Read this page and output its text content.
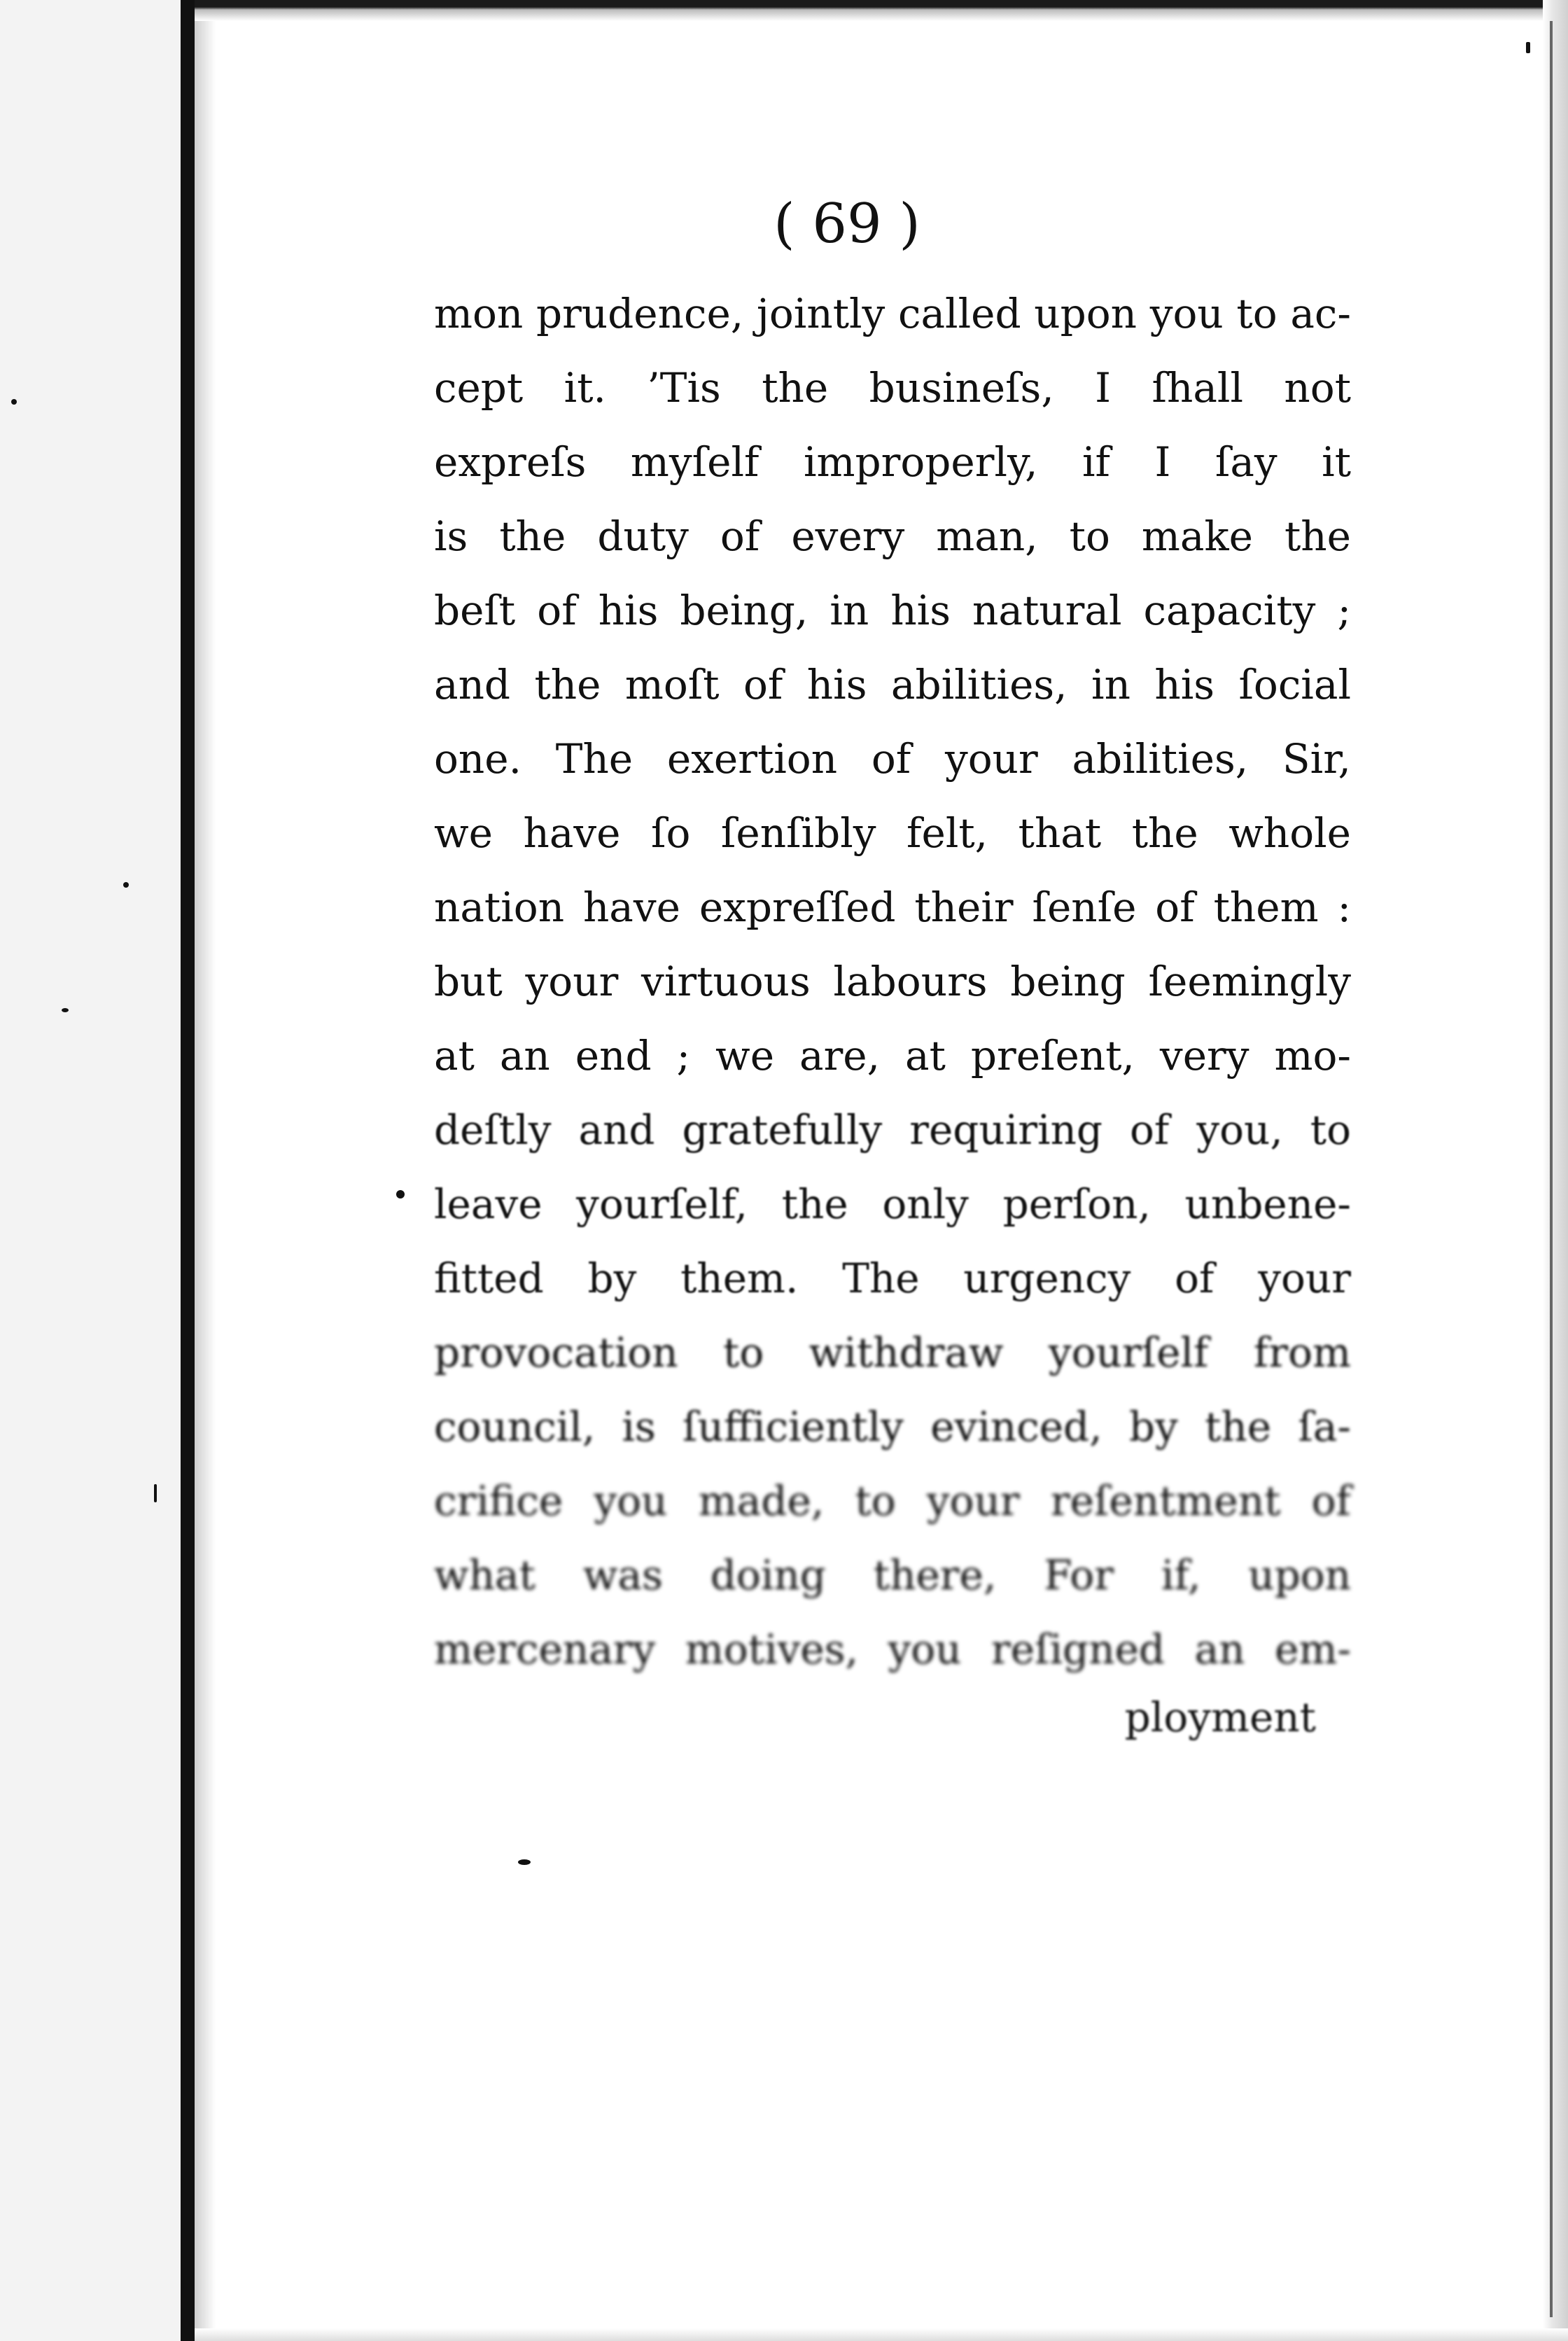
( 69 )
mon prudence, jointly called upon you to ac-
cept it. ’Tis the busineſs, I ſhall not
expreſs myſelf improperly, if I ſay it
is the duty of every man, to make the
beſt of his being, in his natural capacity ;
and the moſt of his abilities, in his ſocial
one. The exertion of your abilities, Sir,
we have ſo ſenſibly felt, that the whole
nation have expreſſed their ſenſe of them :
but your virtuous labours being ſeemingly
at an end ; we are, at preſent, very mo-
deſtly and gratefully requiring of you, to
leave yourſelf, the only perſon, unbene-
fitted by them. The urgency of your
provocation to withdraw yourſelf from
council, is ſufficiently evinced, by the ſa-
crifice you made, to your reſentment of
what was doing there, For if, upon
mercenary motives, you reſigned an em-
ployment
